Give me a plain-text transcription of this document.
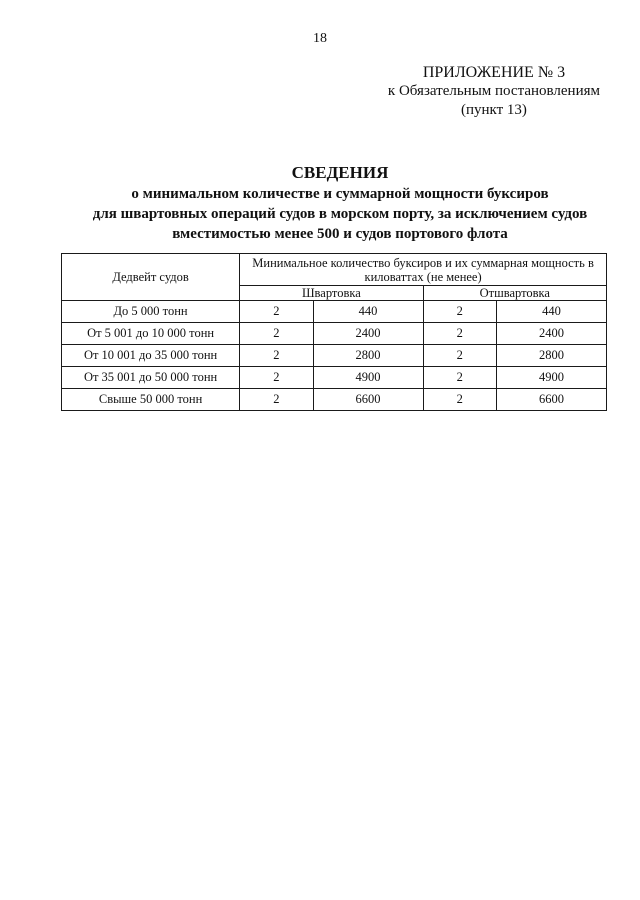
18
ПРИЛОЖЕНИЕ № 3
к Обязательным постановлениям
(пункт 13)
СВЕДЕНИЯ
о минимальном количестве и суммарной мощности буксиров
для швартовных операций судов в морском порту, за исключением судов
вместимостью менее 500 и судов портового флота
Дедвейт судов	Минимальное количество буксиров и их суммарная мощность в киловаттах (не менее)			
	Швартовка		Отшвартовка	
До 5 000 тонн	2	440	2	440
От 5 001 до 10 000 тонн	2	2400	2	2400
От 10 001 до 35 000 тонн	2	2800	2	2800
От 35 001 до 50 000 тонн	2	4900	2	4900
Свыше 50 000 тонн	2	6600	2	6600
